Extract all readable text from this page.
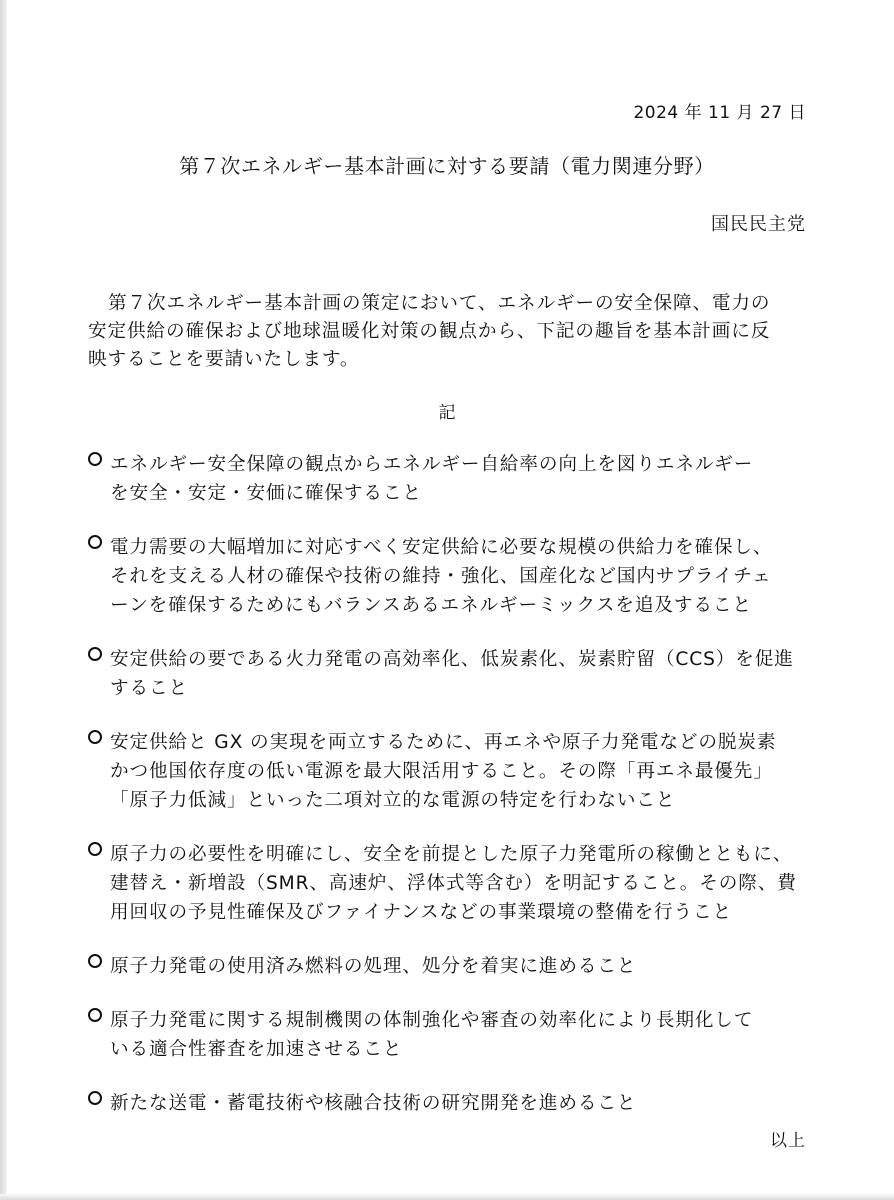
2024 年 11 月 27 日
第７次エネルギー基本計画に対する要請（電力関連分野）
国民民主党
第７次エネルギー基本計画の策定において、エネルギーの安全保障、電力の
安定供給の確保および地球温暖化対策の観点から、下記の趣旨を基本計画に反
映することを要請いたします。
記
エネルギー安全保障の観点からエネルギー自給率の向上を図りエネルギー
を安全・安定・安価に確保すること
電力需要の大幅増加に対応すべく安定供給に必要な規模の供給力を確保し、
それを支える人材の確保や技術の維持・強化、国産化など国内サプライチェ
ーンを確保するためにもバランスあるエネルギーミックスを追及すること
安定供給の要である火力発電の高効率化、低炭素化、炭素貯留（CCS）を促進
すること
安定供給と GX の実現を両立するために、再エネや原子力発電などの脱炭素
かつ他国依存度の低い電源を最大限活用すること。その際「再エネ最優先」
「原子力低減」といった二項対立的な電源の特定を行わないこと
原子力の必要性を明確にし、安全を前提とした原子力発電所の稼働とともに、
建替え・新増設（SMR、高速炉、浮体式等含む）を明記すること。その際、費
用回収の予見性確保及びファイナンスなどの事業環境の整備を行うこと
原子力発電の使用済み燃料の処理、処分を着実に進めること
原子力発電に関する規制機関の体制強化や審査の効率化により長期化して
いる適合性審査を加速させること
新たな送電・蓄電技術や核融合技術の研究開発を進めること
以上
